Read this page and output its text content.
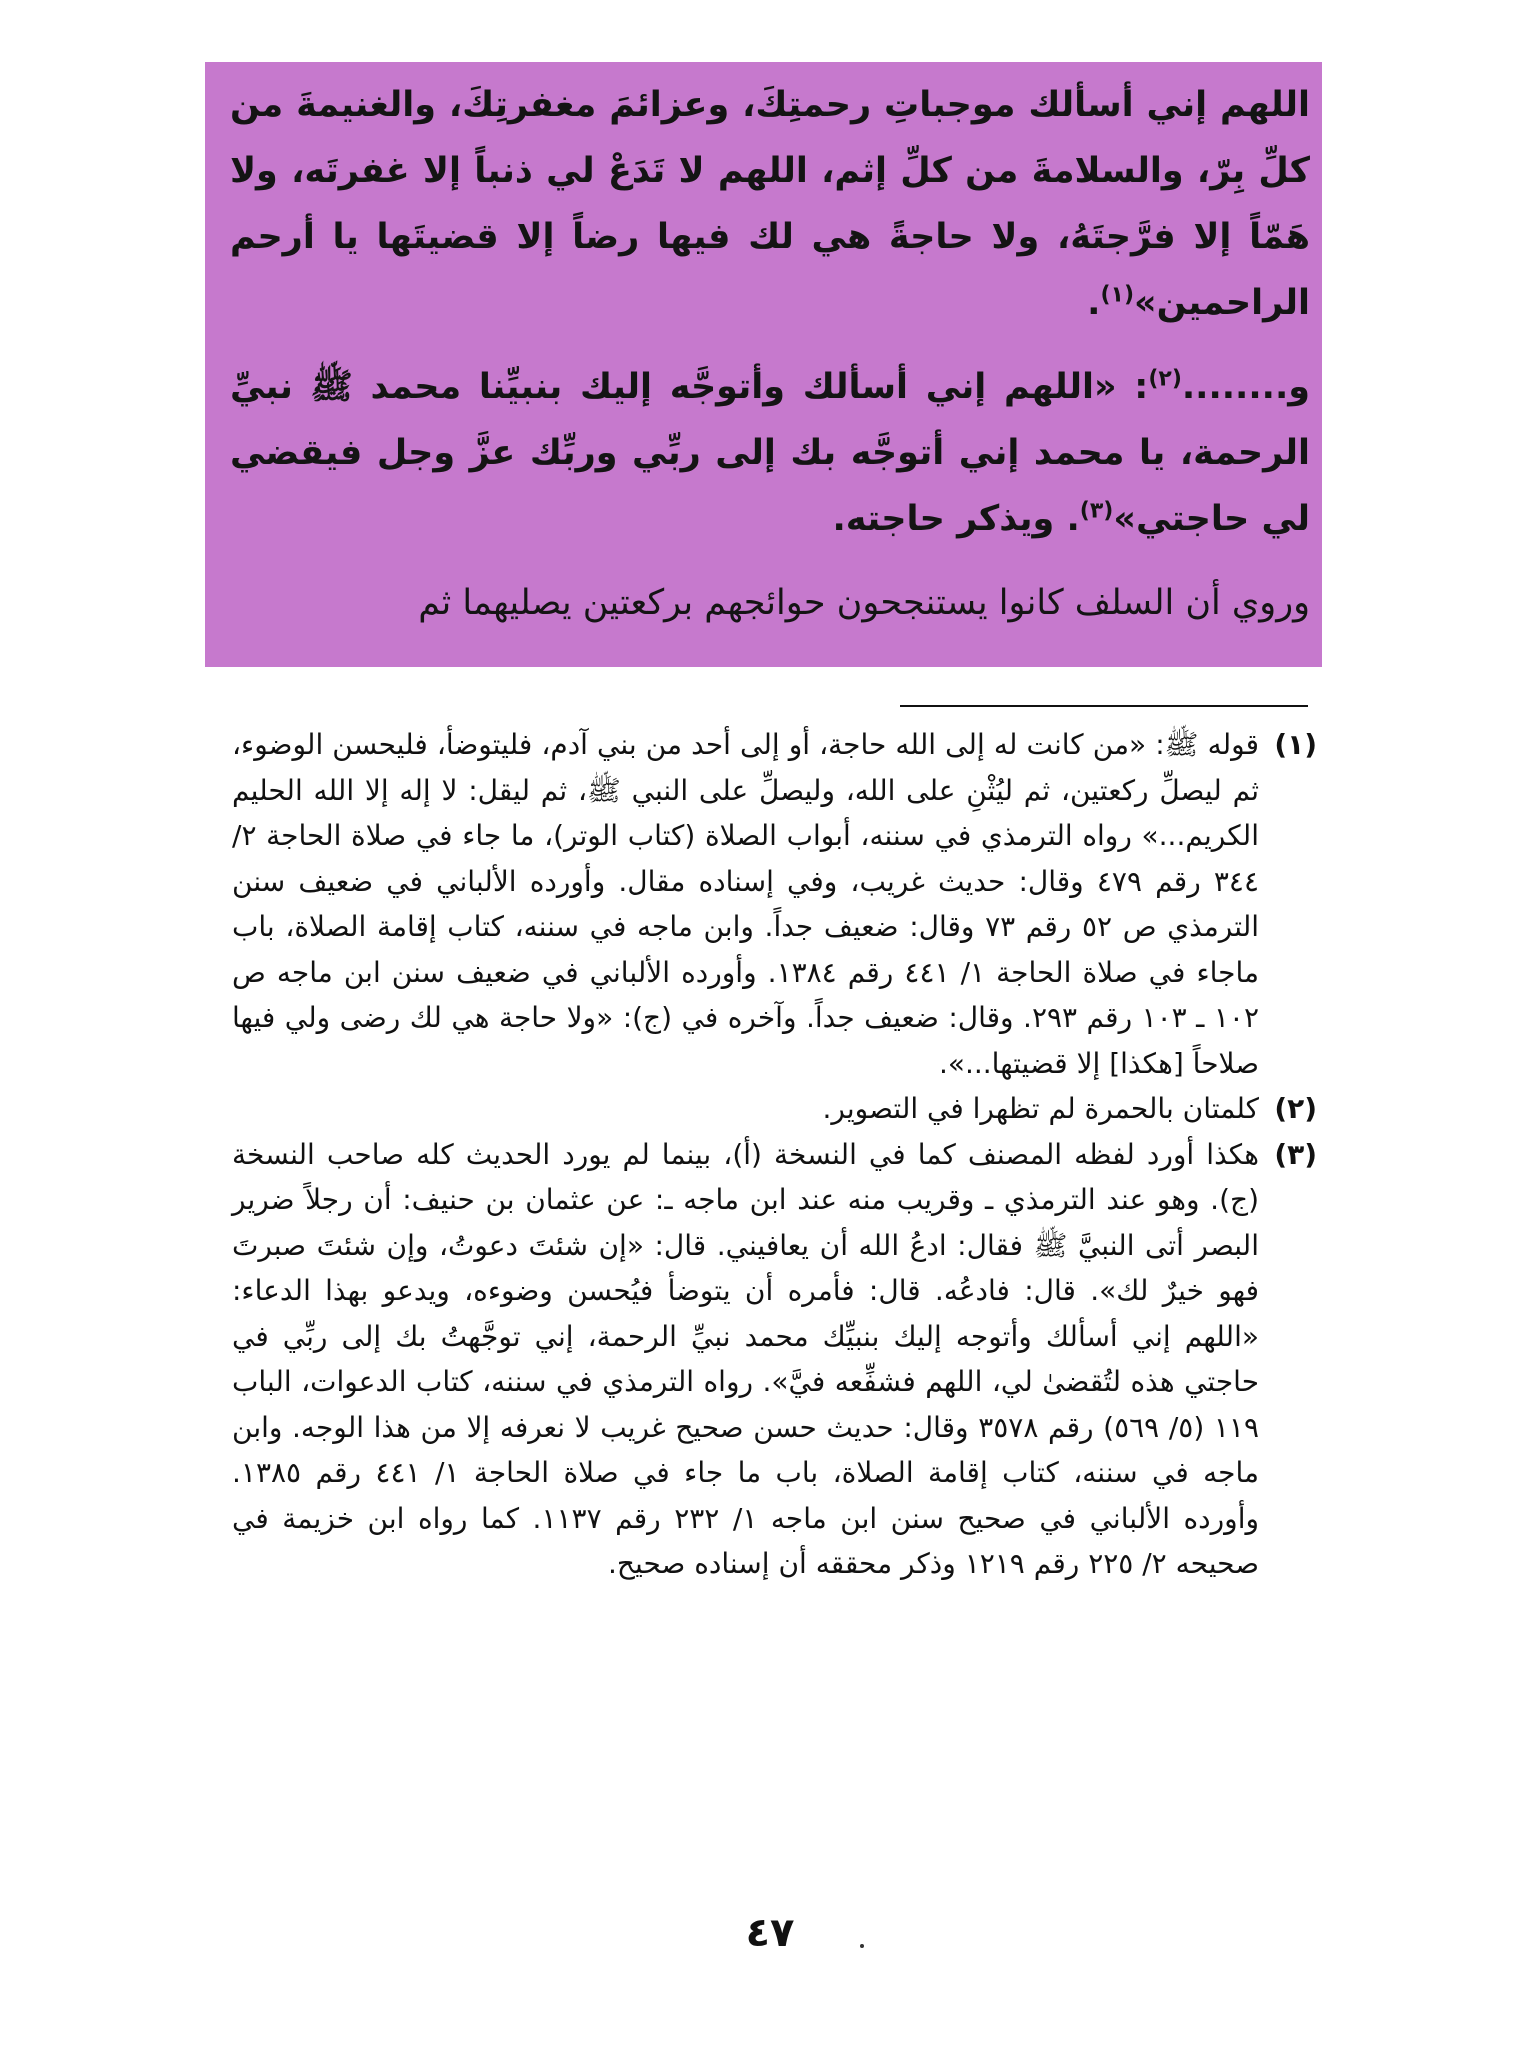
اللهم إني أسألك موجباتِ رحمتِكَ، وعزائمَ مغفرتِكَ، والغنيمةَ من كلِّ بِرّ، والسلامةَ من كلِّ إثم، اللهم لا تَدَعْ لي ذنباً إلا غفرتَه، ولا هَمّاً إلا فرَّجتَهُ، ولا حاجةً هي لك فيها رضاً إلا قضيتَها يا أرحم الراحمين»$^{(١)}$.

و........$^{(٢)}$: «اللهم إني أسألك وأتوجَّه إليك بنبيِّنا محمد ﷺ نبيِّ الرحمة، يا محمد إني أتوجَّه بك إلى ربِّي وربِّك عزَّ وجل فيقضي لي حاجتي»$^{(٣)}$. ويذكر حاجته.

وروي أن السلف كانوا يستنجحون حوائجهم بركعتين يصليهما ثم

(١)
قوله ﷺ: «من كانت له إلى الله حاجة، أو إلى أحد من بني آدم، فليتوضأ، فليحسن الوضوء، ثم ليصلِّ ركعتين، ثم ليُثْنِ على الله، وليصلِّ على النبي ﷺ، ثم ليقل: لا إله إلا الله الحليم الكريم...» رواه الترمذي في سننه، أبواب الصلاة (كتاب الوتر)، ما جاء في صلاة الحاجة ٢/ ٣٤٤ رقم ٤٧٩ وقال: حديث غريب، وفي إسناده مقال. وأورده الألباني في ضعيف سنن الترمذي ص ٥٢ رقم ٧٣ وقال: ضعيف جداً. وابن ماجه في سننه، كتاب إقامة الصلاة، باب ماجاء في صلاة الحاجة ١/ ٤٤١ رقم ١٣٨٤. وأورده الألباني في ضعيف سنن ابن ماجه ص ١٠٢ ـ ١٠٣ رقم ٢٩٣. وقال: ضعيف جداً. وآخره في (ج): «ولا حاجة هي لك رضى ولي فيها صلاحاً [هكذا] إلا قضيتها...».
(٢)
كلمتان بالحمرة لم تظهرا في التصوير.
(٣)
هكذا أورد لفظه المصنف كما في النسخة (أ)، بينما لم يورد الحديث كله صاحب النسخة (ج). وهو عند الترمذي ـ وقريب منه عند ابن ماجه ـ: عن عثمان بن حنيف: أن رجلاً ضرير البصر أتى النبيَّ ﷺ فقال: ادعُ الله أن يعافيني. قال: «إن شئتَ دعوتُ، وإن شئتَ صبرتَ فهو خيرٌ لك». قال: فادعُه. قال: فأمره أن يتوضأ فيُحسن وضوءه، ويدعو بهذا الدعاء: «اللهم إني أسألك وأتوجه إليك بنبيِّك محمد نبيِّ الرحمة، إني توجَّهتُ بك إلى ربِّي في حاجتي هذه لتُقضىٰ لي، اللهم فشفِّعه فيَّ». رواه الترمذي في سننه، كتاب الدعوات، الباب ١١٩ (٥/ ٥٦٩) رقم ٣٥٧٨ وقال: حديث حسن صحيح غريب لا نعرفه إلا من هذا الوجه. وابن ماجه في سننه، كتاب إقامة الصلاة، باب ما جاء في صلاة الحاجة ١/ ٤٤١ رقم ١٣٨٥. وأورده الألباني في صحيح سنن ابن ماجه ١/ ٢٣٢ رقم ١١٣٧. كما رواه ابن خزيمة في صحيحه ٢/ ٢٢٥ رقم ١٢١٩ وذكر محققه أن إسناده صحيح.
٤٧
